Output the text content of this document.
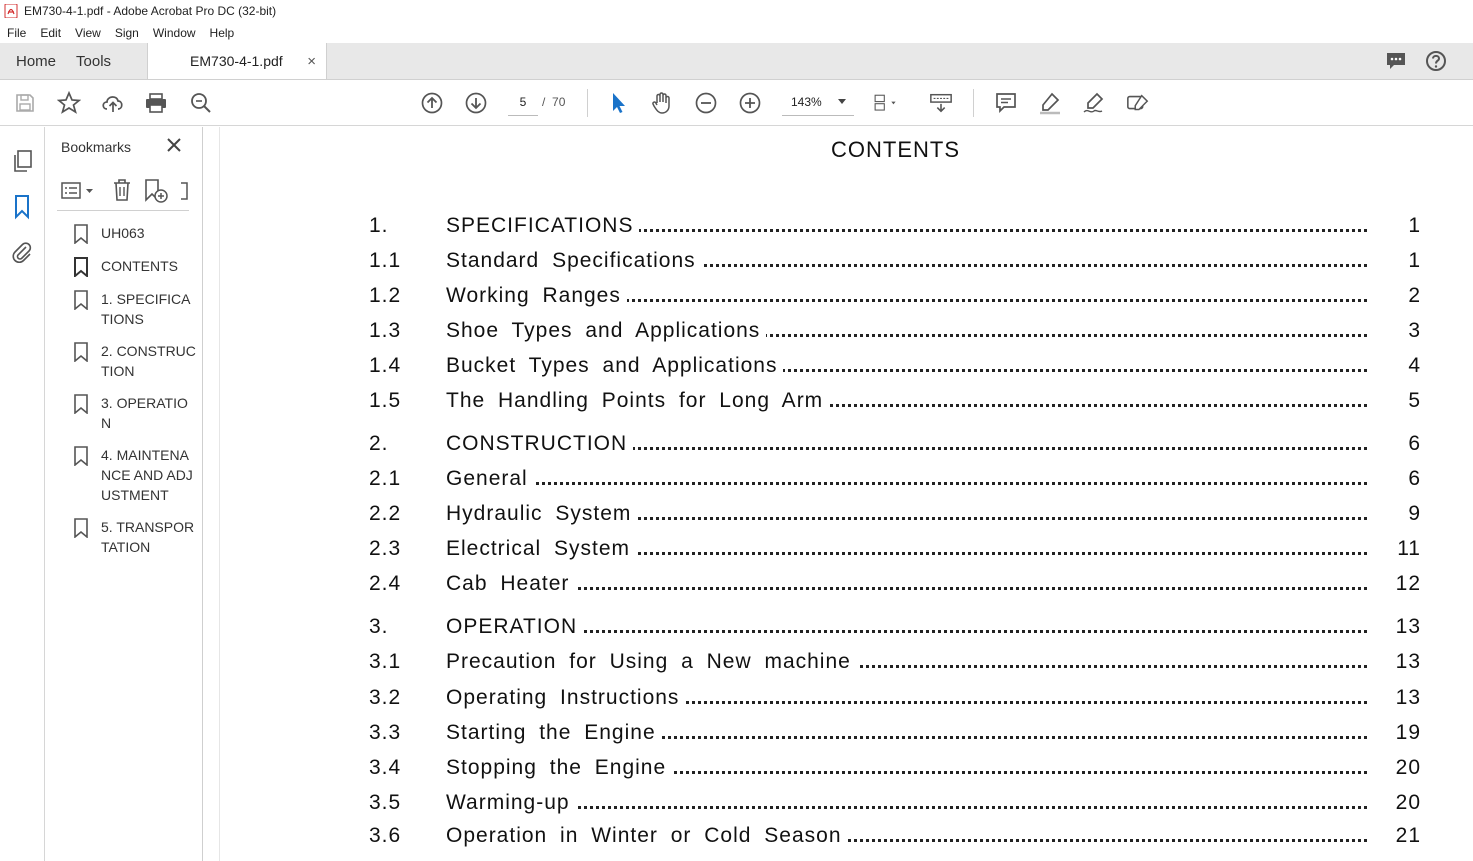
EM730-4-1.pdf - Adobe Acrobat Pro DC (32-bit)
File	Edit	View	Sign	Window	Help
Home	Tools	EM730-4-1.pdf ×
5	/ 70	143%
Bookmarks
UH063
CONTENTS
1. SPECIFICATIONS
2. CONSTRUCTION
3. OPERATION
4. MAINTENANCE AND ADJUSTMENT
5. TRANSPORTATION
CONTENTS
1.	SPECIFICATIONS	1
1.1 Standard Specifications	1
1.2 Working Ranges	2
1.3 Shoe Types and Applications	3
1.4 Bucket Types and Applications	4
1.5 The Handling Points for Long Arm	5
2.	CONSTRUCTION	6
2.1 General	6
2.2 Hydraulic System	9
2.3 Electrical System	11
2.4 Cab Heater	12
3.	OPERATION	13
3.1 Precaution for Using a New machine	13
3.2 Operating Instructions	13
3.3 Starting the Engine	19
3.4 Stopping the Engine	20
3.5 Warming-up	20
3.6 Operation in Winter or Cold Season	21
